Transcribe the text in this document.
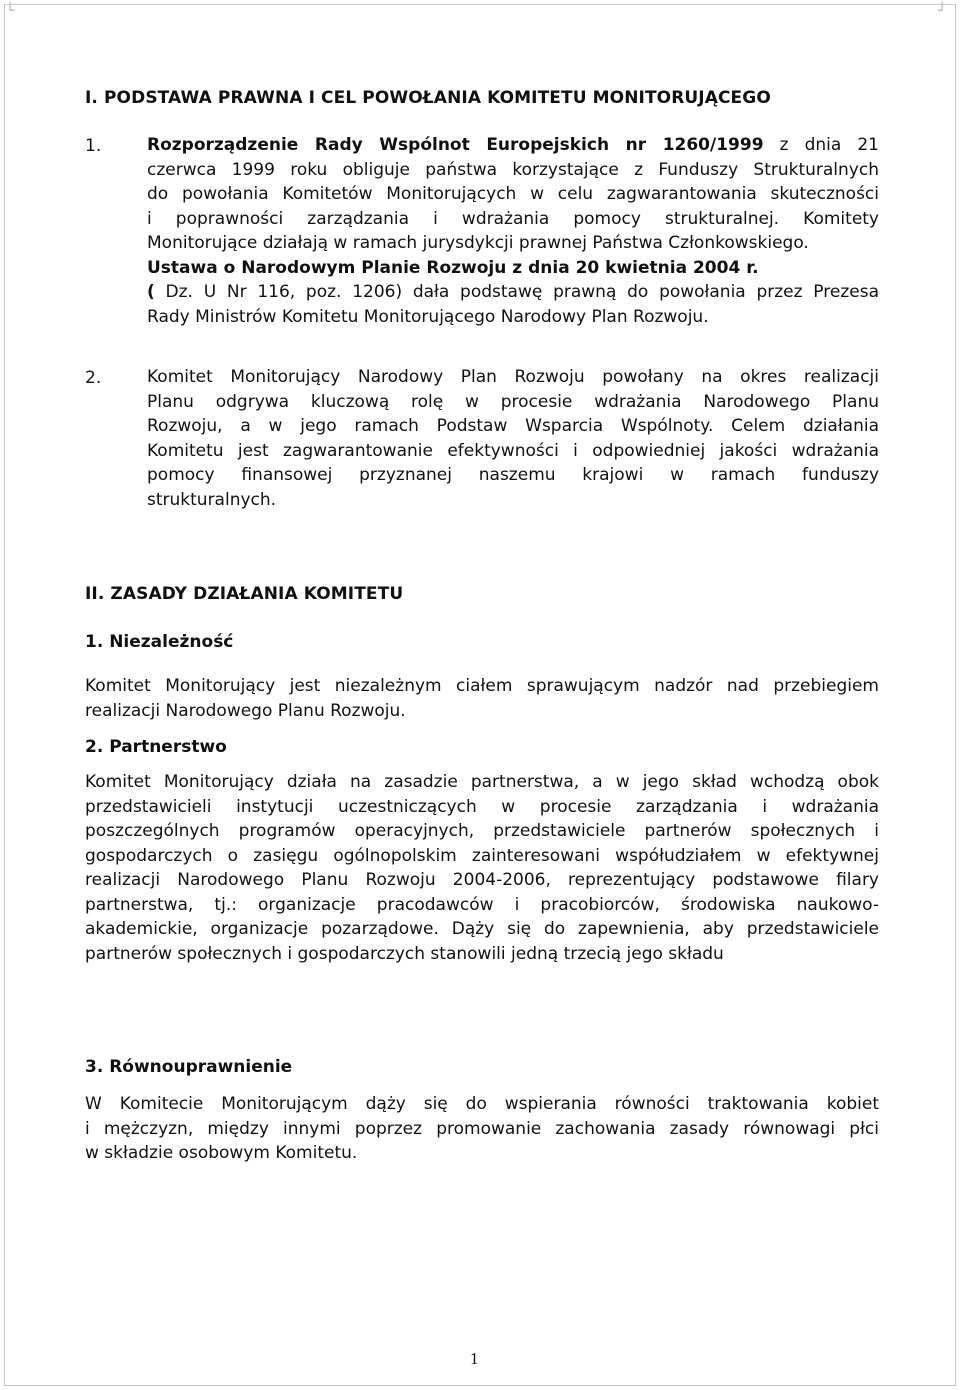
└	┘
I. PODSTAWA PRAWNA I CEL POWOŁANIA KOMITETU MONITORUJĄCEGO
1.	Rozporządzenie Rady Wspólnot Europejskich nr 1260/1999 z dnia 21
czerwca 1999 roku obliguje państwa korzystające z Funduszy Strukturalnych
do powołania Komitetów Monitorujących w celu zagwarantowania skuteczności
i poprawności zarządzania i wdrażania pomocy strukturalnej. Komitety
Monitorujące działają w ramach jurysdykcji prawnej Państwa Członkowskiego.
Ustawa o Narodowym Planie Rozwoju z dnia 20 kwietnia 2004 r.
( Dz. U Nr 116, poz. 1206) dała podstawę prawną do powołania przez Prezesa
Rady Ministrów Komitetu Monitorującego Narodowy Plan Rozwoju.
2.	Komitet Monitorujący Narodowy Plan Rozwoju powołany na okres realizacji
Planu odgrywa kluczową rolę w procesie wdrażania Narodowego Planu
Rozwoju, a w jego ramach Podstaw Wsparcia Wspólnoty. Celem działania
Komitetu jest zagwarantowanie efektywności i odpowiedniej jakości wdrażania
pomocy finansowej przyznanej naszemu krajowi w ramach funduszy
strukturalnych.
II. ZASADY DZIAŁANIA KOMITETU
1. Niezależność
Komitet Monitorujący jest niezależnym ciałem sprawującym nadzór nad przebiegiem
realizacji Narodowego Planu Rozwoju.
2. Partnerstwo
Komitet Monitorujący działa na zasadzie partnerstwa, a w jego skład wchodzą obok
przedstawicieli instytucji uczestniczących w procesie zarządzania i wdrażania
poszczególnych programów operacyjnych, przedstawiciele partnerów społecznych i
gospodarczych o zasięgu ogólnopolskim zainteresowani współudziałem w efektywnej
realizacji Narodowego Planu Rozwoju 2004-2006, reprezentujący podstawowe filary
partnerstwa, tj.: organizacje pracodawców i pracobiorców, środowiska naukowo-
akademickie, organizacje pozarządowe. Dąży się do zapewnienia, aby przedstawiciele
partnerów społecznych i gospodarczych stanowili jedną trzecią jego składu
3. Równouprawnienie
W Komitecie Monitorującym dąży się do wspierania równości traktowania kobiet
i mężczyzn, między innymi poprzez promowanie zachowania zasady równowagi płci
w składzie osobowym Komitetu.
1
